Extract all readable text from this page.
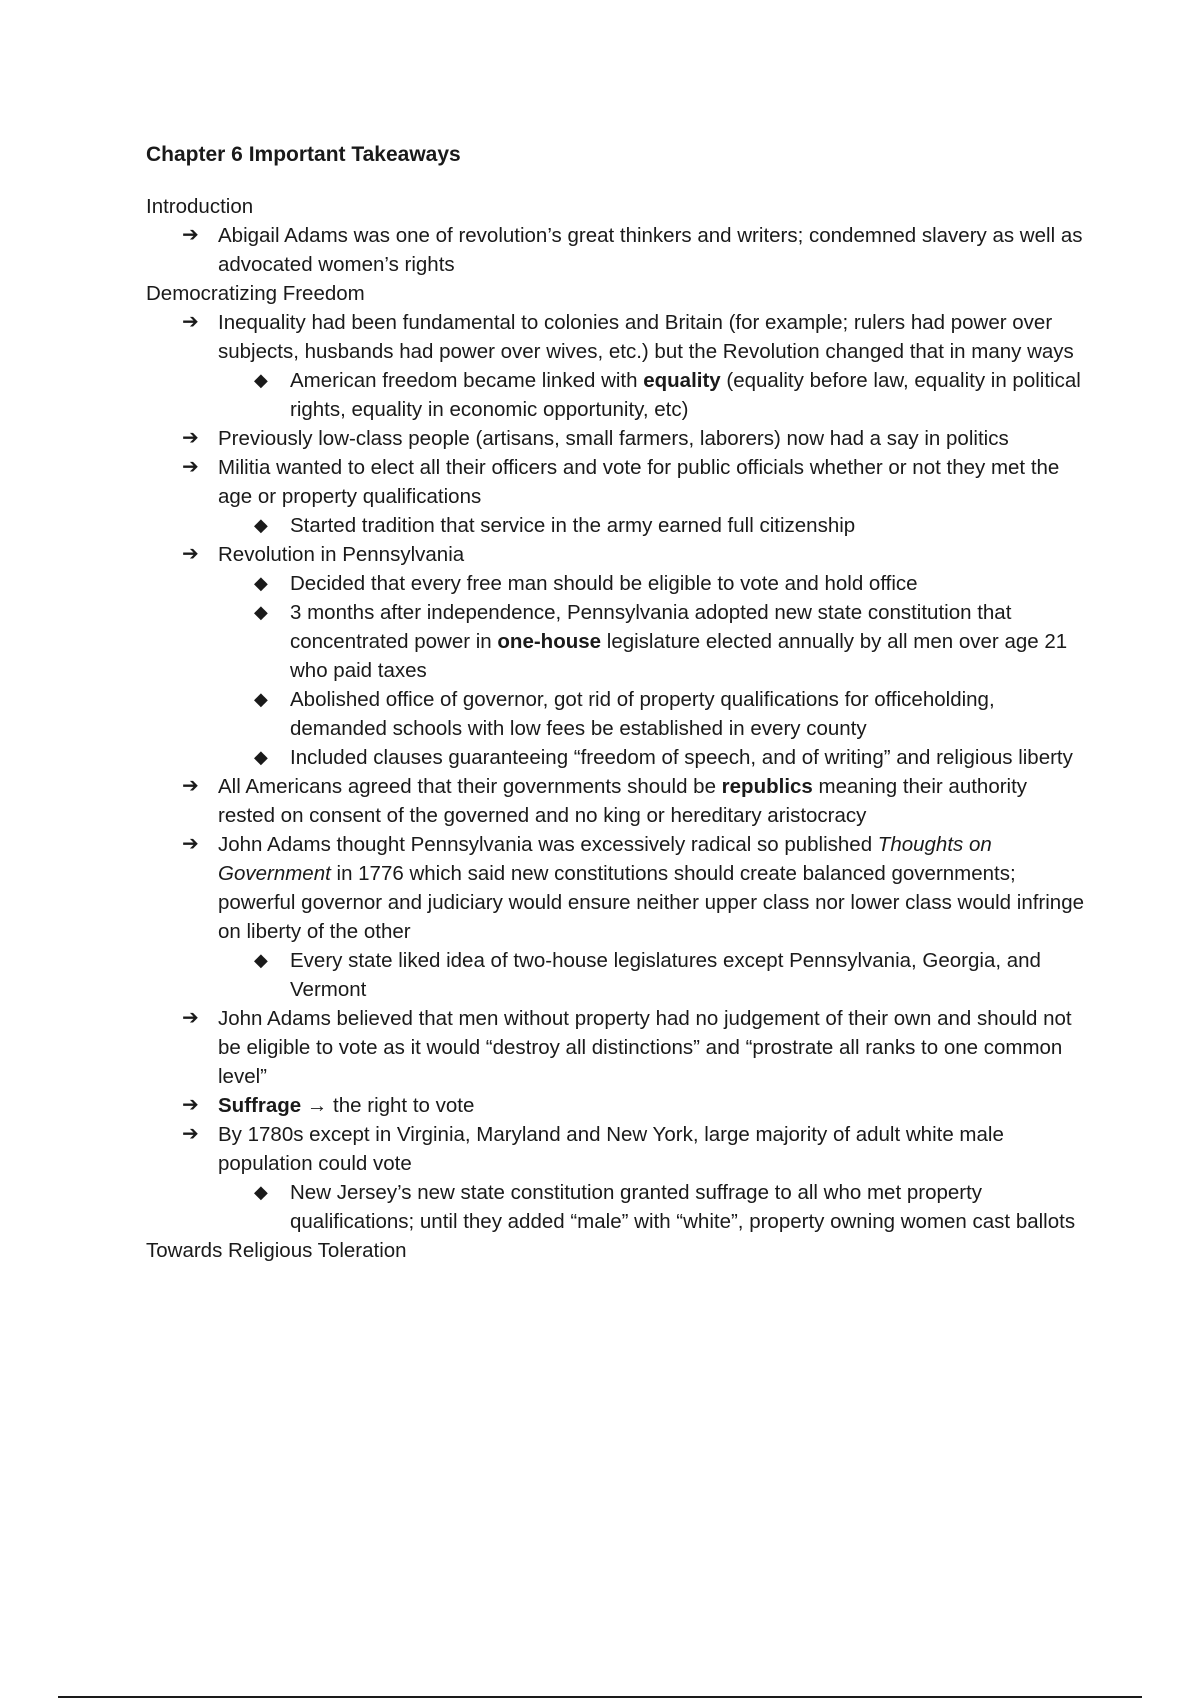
Chapter 6 Important Takeaways
Introduction
➔ Abigail Adams was one of revolution’s great thinkers and writers; condemned slavery as well as advocated women’s rights
Democratizing Freedom
➔ Inequality had been fundamental to colonies and Britain (for example; rulers had power over subjects, husbands had power over wives, etc.) but the Revolution changed that in many ways
◆ American freedom became linked with equality (equality before law, equality in political rights, equality in economic opportunity, etc)
➔ Previously low-class people (artisans, small farmers, laborers) now had a say in politics
➔ Militia wanted to elect all their officers and vote for public officials whether or not they met the age or property qualifications
◆ Started tradition that service in the army earned full citizenship
➔ Revolution in Pennsylvania
◆ Decided that every free man should be eligible to vote and hold office
◆ 3 months after independence, Pennsylvania adopted new state constitution that concentrated power in one-house legislature elected annually by all men over age 21 who paid taxes
◆ Abolished office of governor, got rid of property qualifications for officeholding, demanded schools with low fees be established in every county
◆ Included clauses guaranteeing “freedom of speech, and of writing” and religious liberty
➔ All Americans agreed that their governments should be republics meaning their authority rested on consent of the governed and no king or hereditary aristocracy
➔ John Adams thought Pennsylvania was excessively radical so published Thoughts on Government in 1776 which said new constitutions should create balanced governments; powerful governor and judiciary would ensure neither upper class nor lower class would infringe on liberty of the other
◆ Every state liked idea of two-house legislatures except Pennsylvania, Georgia, and Vermont
➔ John Adams believed that men without property had no judgement of their own and should not be eligible to vote as it would “destroy all distinctions” and “prostrate all ranks to one common level”
➔ Suffrage → the right to vote
➔ By 1780s except in Virginia, Maryland and New York, large majority of adult white male population could vote
◆ New Jersey’s new state constitution granted suffrage to all who met property qualifications; until they added “male” with “white”, property owning women cast ballots
Towards Religious Toleration
